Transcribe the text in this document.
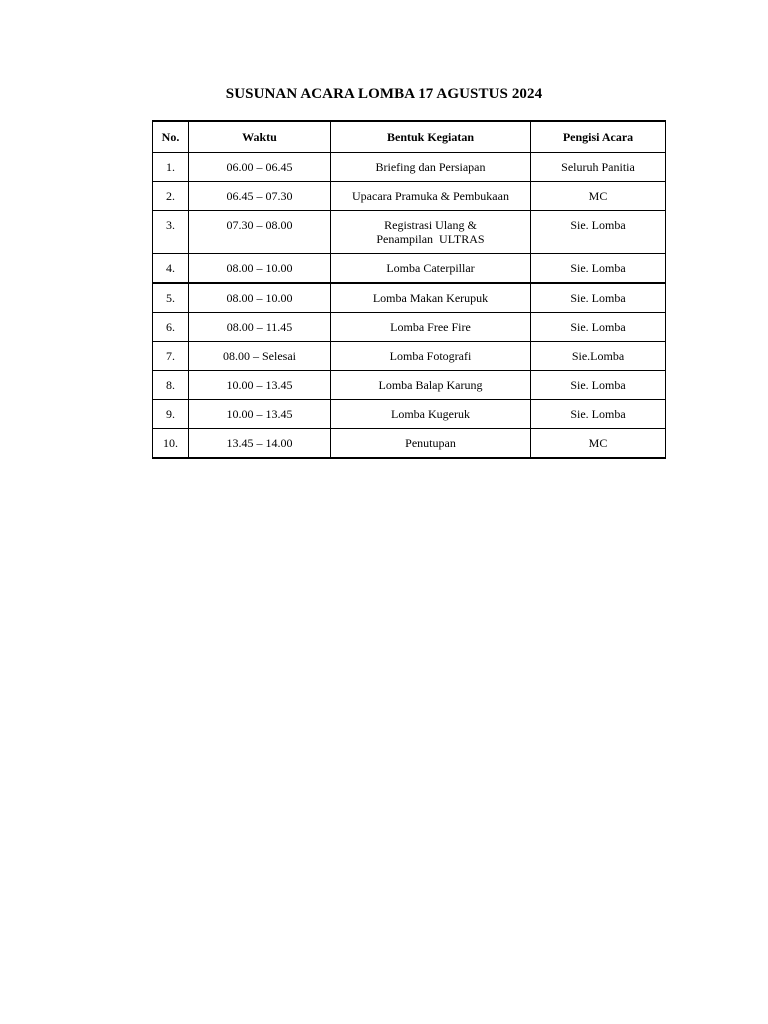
SUSUNAN ACARA LOMBA 17 AGUSTUS 2024
No.	Waktu	Bentuk Kegiatan	Pengisi Acara
1.	06.00 – 06.45	Briefing dan Persiapan	Seluruh Panitia
2.	06.45 – 07.30	Upacara Pramuka & Pembukaan	MC
3.	07.30 – 08.00	Registrasi Ulang &
Penampilan  ULTRAS	Sie. Lomba
4.	08.00 – 10.00	Lomba Caterpillar	Sie. Lomba
5.	08.00 – 10.00	Lomba Makan Kerupuk	Sie. Lomba
6.	08.00 – 11.45	Lomba Free Fire	Sie. Lomba
7.	08.00 – Selesai	Lomba Fotografi	Sie.Lomba
8.	10.00 – 13.45	Lomba Balap Karung	Sie. Lomba
9.	10.00 – 13.45	Lomba Kugeruk	Sie. Lomba
10.	13.45 – 14.00	Penutupan	MC
